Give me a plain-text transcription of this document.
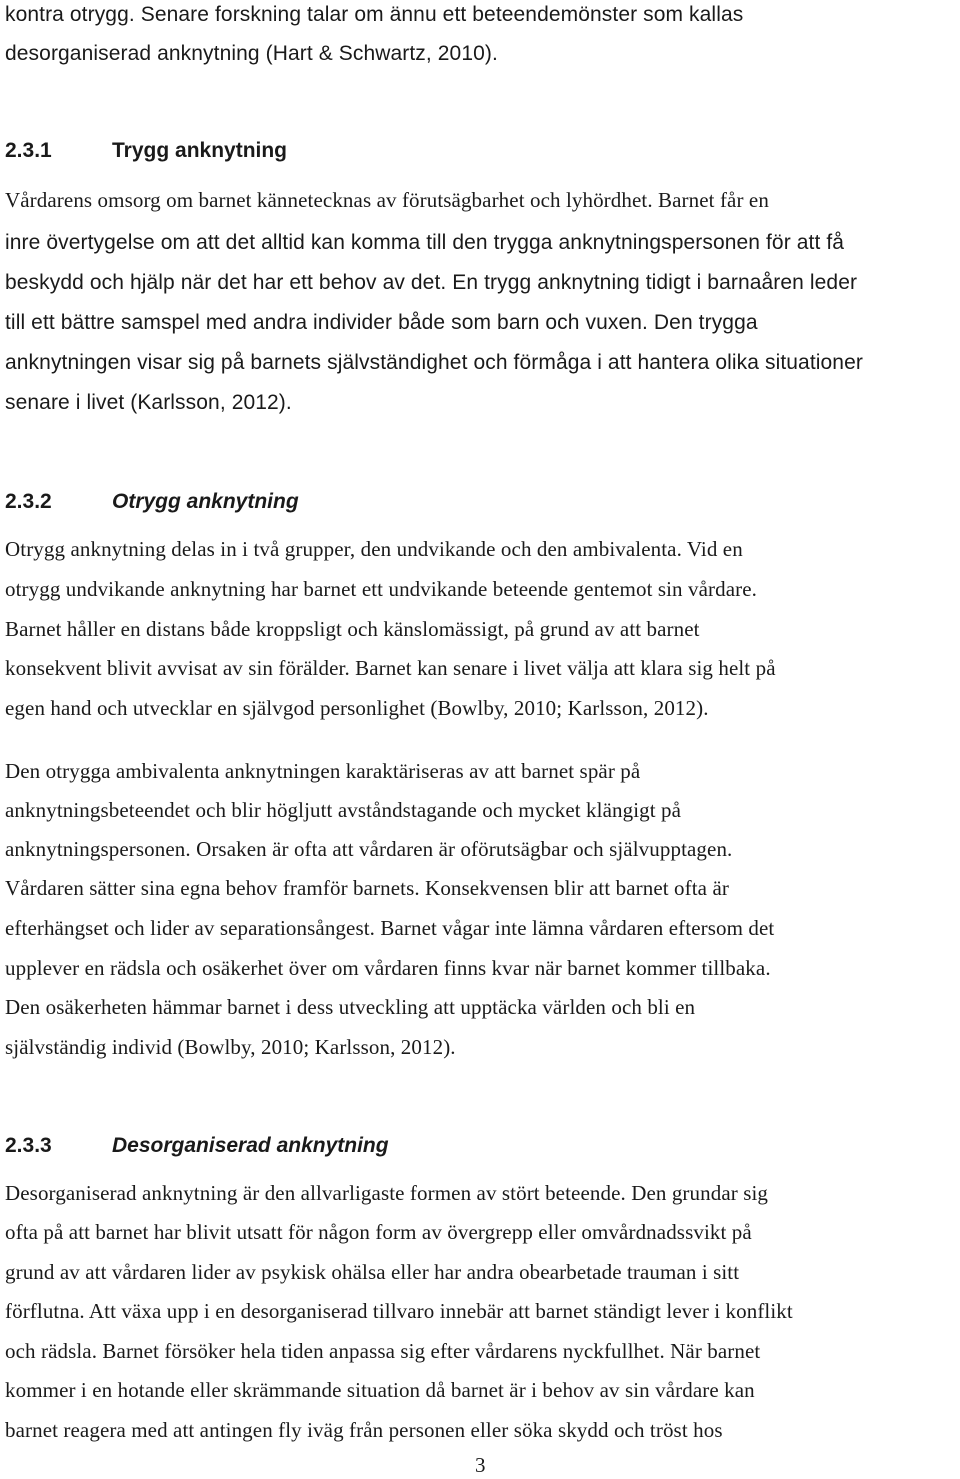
kontra otrygg. Senare forskning talar om ännu ett beteendemönster som kallas
desorganiserad anknytning (Hart & Schwartz, 2010).
2.3.1	Trygg anknytning
Vårdarens omsorg om barnet kännetecknas av förutsägbarhet och lyhördhet. Barnet får en
inre övertygelse om att det alltid kan komma till den trygga anknytningspersonen för att få
beskydd och hjälp när det har ett behov av det. En trygg anknytning tidigt i barnaåren leder
till ett bättre samspel med andra individer både som barn och vuxen. Den trygga
anknytningen visar sig på barnets självständighet och förmåga i att hantera olika situationer
senare i livet (Karlsson, 2012).
2.3.2	Otrygg anknytning
Otrygg anknytning delas in i två grupper, den undvikande och den ambivalenta. Vid en
otrygg undvikande anknytning har barnet ett undvikande beteende gentemot sin vårdare.
Barnet håller en distans både kroppsligt och känslomässigt, på grund av att barnet
konsekvent blivit avvisat av sin förälder. Barnet kan senare i livet välja att klara sig helt på
egen hand och utvecklar en självgod personlighet (Bowlby, 2010; Karlsson, 2012).
Den otrygga ambivalenta anknytningen karaktäriseras av att barnet spär på
anknytningsbeteendet och blir högljutt avståndstagande och mycket klängigt på
anknytningspersonen. Orsaken är ofta att vårdaren är oförutsägbar och självupptagen.
Vårdaren sätter sina egna behov framför barnets. Konsekvensen blir att barnet ofta är
efterhängset och lider av separationsångest. Barnet vågar inte lämna vårdaren eftersom det
upplever en rädsla och osäkerhet över om vårdaren finns kvar när barnet kommer tillbaka.
Den osäkerheten hämmar barnet i dess utveckling att upptäcka världen och bli en
självständig individ (Bowlby, 2010; Karlsson, 2012).
2.3.3	Desorganiserad anknytning
Desorganiserad anknytning är den allvarligaste formen av stört beteende. Den grundar sig
ofta på att barnet har blivit utsatt för någon form av övergrepp eller omvårdnadssvikt på
grund av att vårdaren lider av psykisk ohälsa eller har andra obearbetade trauman i sitt
förflutna. Att växa upp i en desorganiserad tillvaro innebär att barnet ständigt lever i konflikt
och rädsla. Barnet försöker hela tiden anpassa sig efter vårdarens nyckfullhet. När barnet
kommer i en hotande eller skrämmande situation då barnet är i behov av sin vårdare kan
barnet reagera med att antingen fly iväg från personen eller söka skydd och tröst hos
3
